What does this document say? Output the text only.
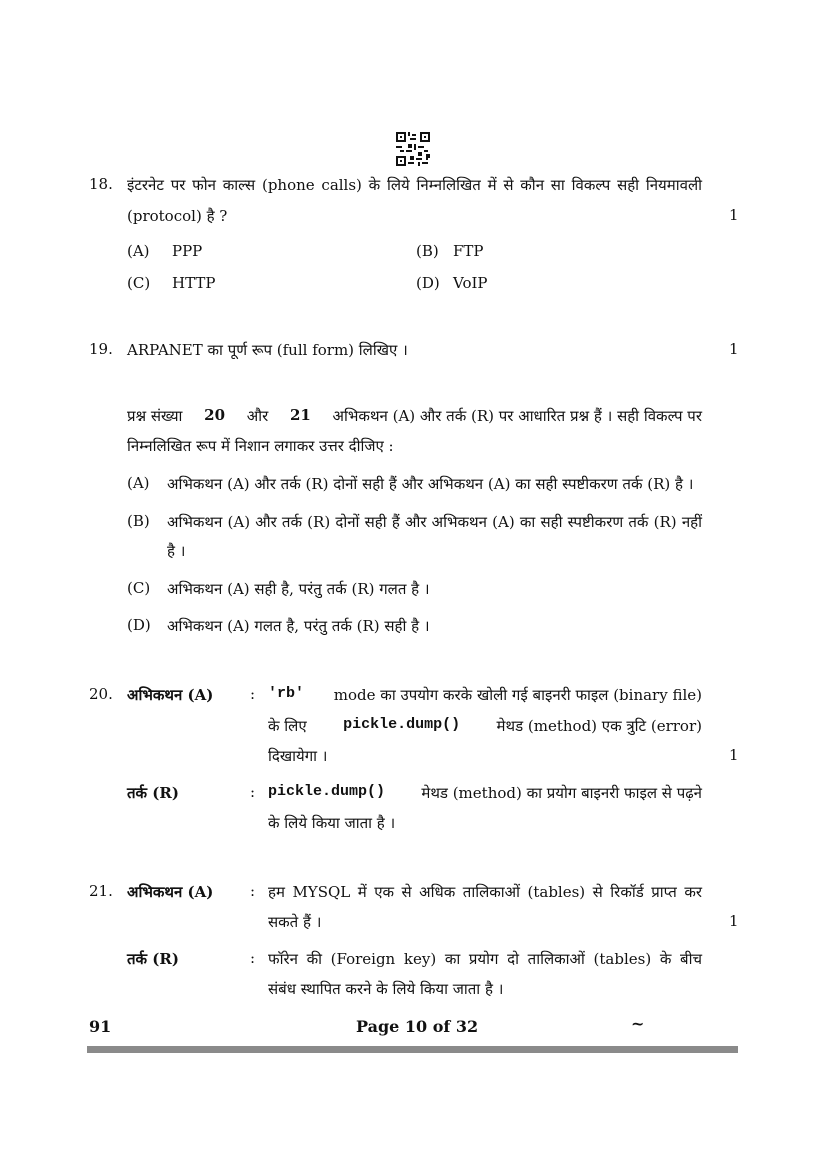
18. इंटरनेट पर फोन काल्स (phone calls) के लिये निम्नलिखित में से कौन सा विकल्प सही नियमावली
(protocol) है ?	1
(A) PPP	(B) FTP
(C) HTTP	(D) VoIP
19. ARPANET का पूर्ण रूप (full form) लिखिए ।	1
प्रश्न संख्या 20 और 21 अभिकथन (A) और तर्क (R) पर आधारित प्रश्न हैं । सही विकल्प पर
निम्नलिखित रूप में निशान लगाकर उत्तर दीजिए :
(A) अभिकथन (A) और तर्क (R) दोनों सही हैं और अभिकथन (A) का सही स्पष्टीकरण तर्क (R) है ।
(B) अभिकथन (A) और तर्क (R) दोनों सही हैं और अभिकथन (A) का सही स्पष्टीकरण तर्क (R) नहीं
है ।
(C) अभिकथन (A) सही है, परंतु तर्क (R) गलत है ।
(D) अभिकथन (A) गलत है, परंतु तर्क (R) सही है ।
20. अभिकथन (A) : 'rb' mode का उपयोग करके खोली गई बाइनरी फाइल (binary file)
के लिए pickle.dump() मेथड (method) एक त्रुटि (error)
दिखायेगा ।	1
तर्क (R)	: pickle.dump() मेथड (method) का प्रयोग बाइनरी फाइल से पढ़ने
के लिये किया जाता है ।
21. अभिकथन (A) : हम MYSQL में एक से अधिक तालिकाओं (tables) से रिकॉर्ड प्राप्त कर
सकते हैं ।	1
तर्क (R)	: फॉरेन की (Foreign key) का प्रयोग दो तालिकाओं (tables) के बीच
संबंध स्थापित करने के लिये किया जाता है ।
91	Page 10 of 32	~
